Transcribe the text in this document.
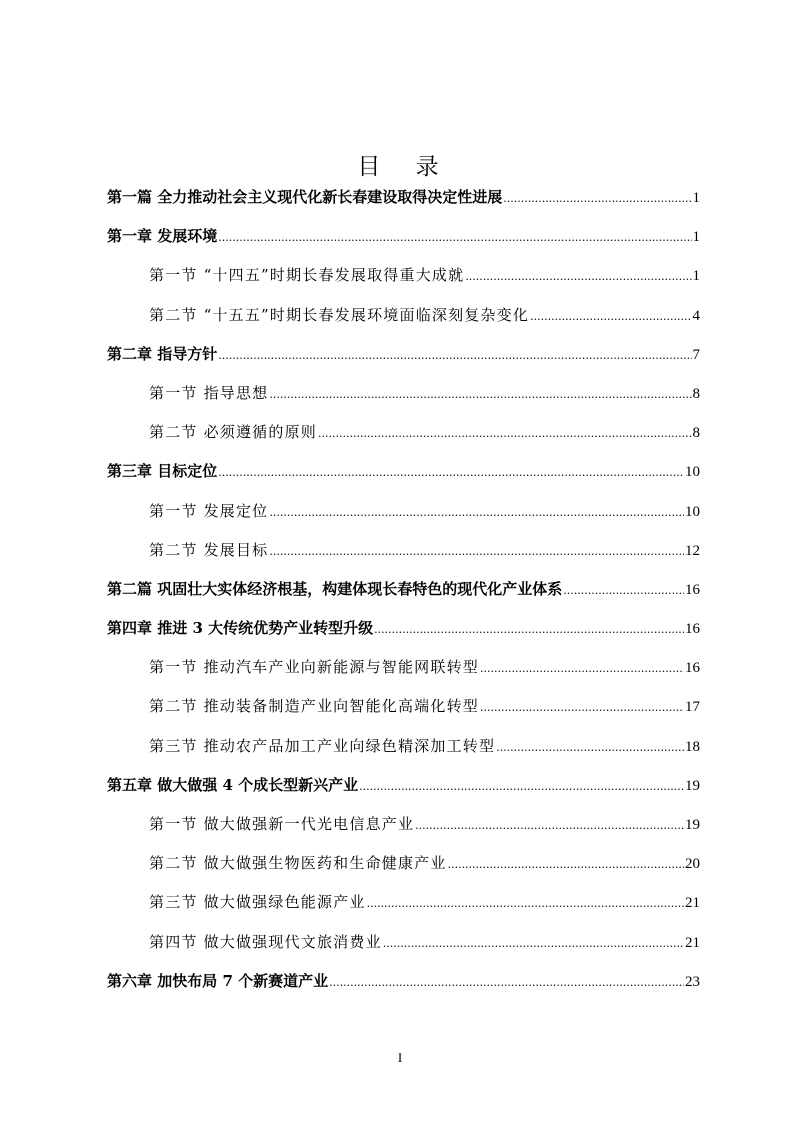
目 录
第一篇 全力推动社会主义现代化新长春建设取得决定性进展 .....	1
第一章 发展环境 .....	1
第一节 “十四五”时期长春发展取得重大成就 .....	1
第二节 “十五五”时期长春发展环境面临深刻复杂变化 .....	4
第二章 指导方针 .....	7
第一节 指导思想 .....	8
第二节 必须遵循的原则 .....	8
第三章 目标定位 .....	10
第一节 发展定位 .....	10
第二节 发展目标 .....	12
第二篇 巩固壮大实体经济根基，构建体现长春特色的现代化产业体系 .....	16
第四章 推进 3 大传统优势产业转型升级 .....	16
第一节 推动汽车产业向新能源与智能网联转型 .....	16
第二节 推动装备制造产业向智能化高端化转型 .....	17
第三节 推动农产品加工产业向绿色精深加工转型 .....	18
第五章 做大做强 4 个成长型新兴产业 .....	19
第一节 做大做强新一代光电信息产业 .....	19
第二节 做大做强生物医药和生命健康产业 .....	20
第三节 做大做强绿色能源产业 .....	21
第四节 做大做强现代文旅消费业 .....	21
第六章 加快布局 7 个新赛道产业 .....	23
I
